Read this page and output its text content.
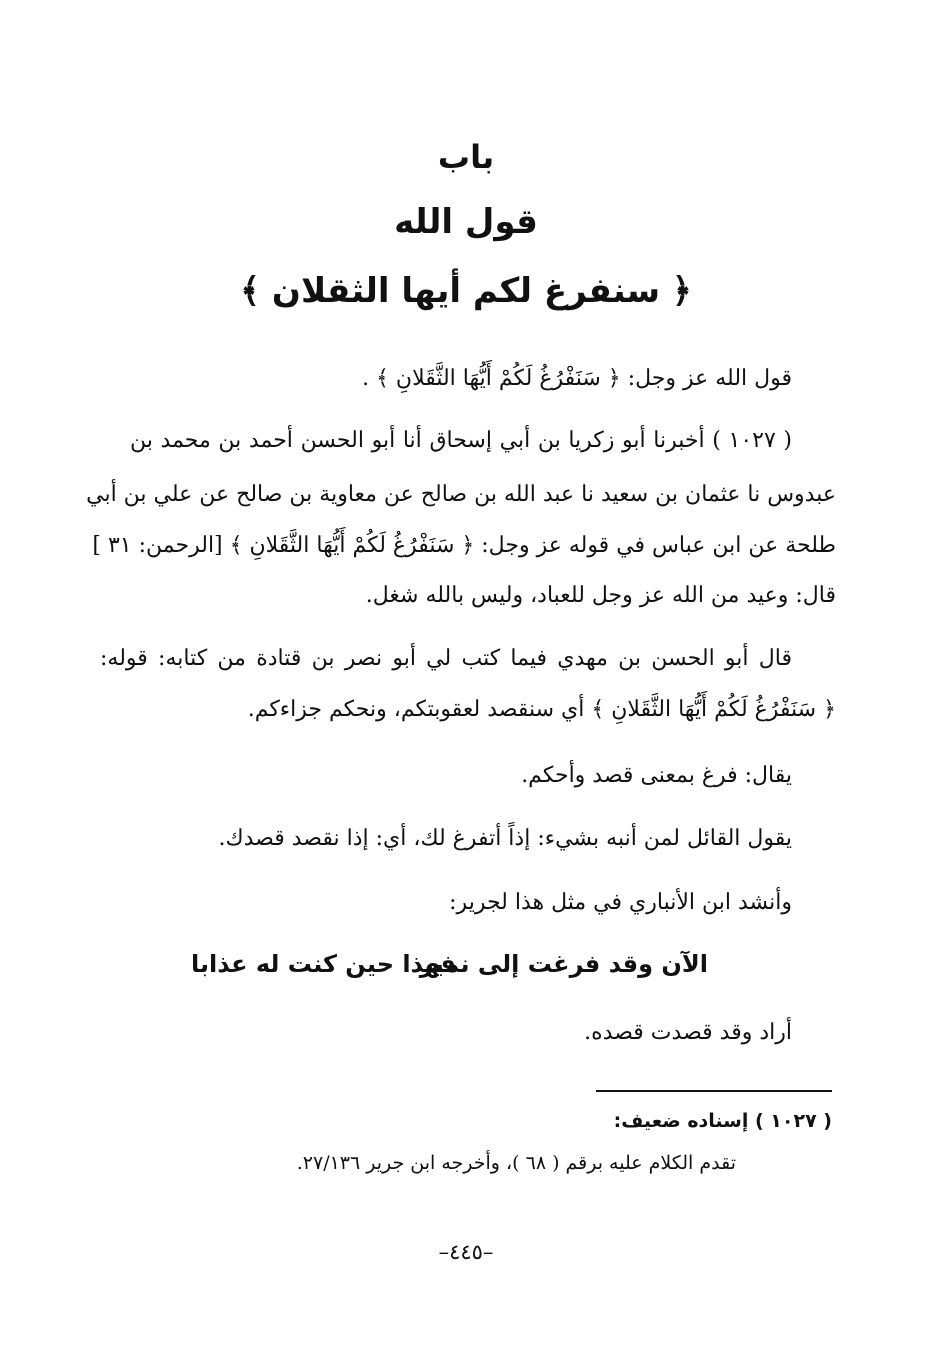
باب
قول الله
﴿ سنفرغ لكم أيها الثقلان ﴾
قول الله عز وجل: ﴿ سَنَفْرُغُ لَكُمْ أَيُّهَا الثَّقَلانِ ﴾ .
( ١٠٢٧ ) أخبرنا أبو زكريا بن أبي إسحاق أنا أبو الحسن أحمد بن محمد بن
عبدوس نا عثمان بن سعيد نا عبد الله بن صالح عن معاوية بن صالح عن علي بن أبي
طلحة عن ابن عباس في قوله عز وجل: ﴿ سَنَفْرُغُ لَكُمْ أَيُّهَا الثَّقَلانِ ﴾ [الرحمن: ٣١ ]
قال: وعيد من الله عز وجل للعباد، وليس بالله شغل.
قال أبو الحسن بن مهدي فيما كتب لي أبو نصر بن قتادة من كتابه: قوله:
﴿ سَنَفْرُغُ لَكُمْ أَيُّهَا الثَّقَلانِ ﴾ أي سنقصد لعقوبتكم، ونحكم جزاءكم.
يقال: فرغ بمعنى قصد وأحكم.
يقول القائل لمن أنبه بشيء: إذاً أتفرغ لك، أي: إذا نقصد قصدك.
وأنشد ابن الأنباري في مثل هذا لجرير:
الآن وقد فرغت إلى نمير
فهذا حين كنت له عذابا
أراد وقد قصدت قصده.
( ١٠٢٧ ) إسناده ضعيف:
تقدم الكلام عليه برقم ( ٦٨ )، وأخرجه ابن جرير ٢٧/١٣٦.
–٤٤٥–
